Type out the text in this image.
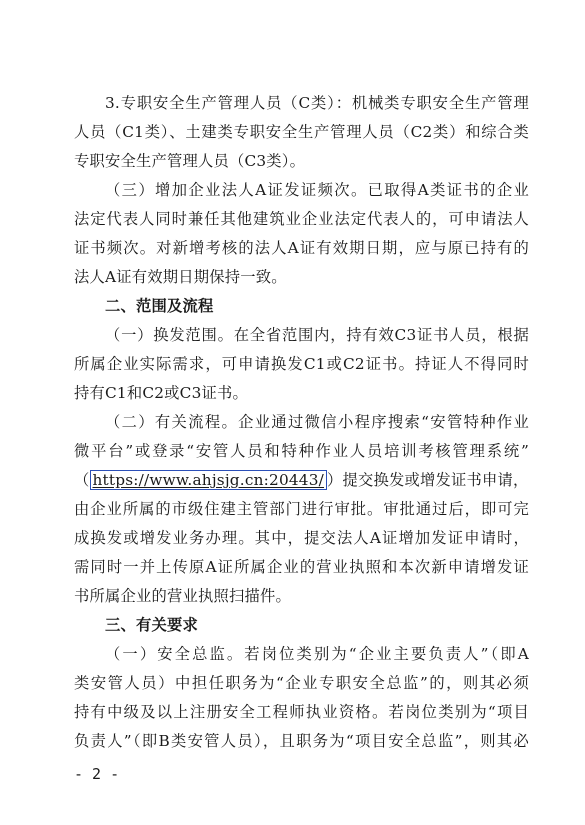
3.专职安全生产管理人员（C类）：机械类专职安全生产管理
人员（C1类）、土建类专职安全生产管理人员（C2类）和综合类
专职安全生产管理人员（C3类）。
（三）增加企业法人A证发证频次。已取得A类证书的企业
法定代表人同时兼任其他建筑业企业法定代表人的，可申请法人
证书频次。对新增考核的法人A证有效期日期，应与原已持有的
法人A证有效期日期保持一致。
二、范围及流程
（一）换发范围。在全省范围内，持有效C3证书人员，根据
所属企业实际需求，可申请换发C1或C2证书。持证人不得同时
持有C1和C2或C3证书。
（二）有关流程。企业通过微信小程序搜索“安管特种作业
微平台”或登录“安管人员和特种作业人员培训考核管理系统”
（ https://www.ahjsjg.cn:20443/ ）提交换发或增发证书申请，
由企业所属的市级住建主管部门进行审批。审批通过后，即可完
成换发或增发业务办理。其中，提交法人A证增加发证申请时，
需同时一并上传原A证所属企业的营业执照和本次新申请增发证
书所属企业的营业执照扫描件。
三、有关要求
（一）安全总监。若岗位类别为“企业主要负责人”（即A
类安管人员）中担任职务为“企业专职安全总监”的，则其必须
持有中级及以上注册安全工程师执业资格。若岗位类别为“项目
负责人”（即B类安管人员），且职务为“项目安全总监”，则其必
- 2 -
